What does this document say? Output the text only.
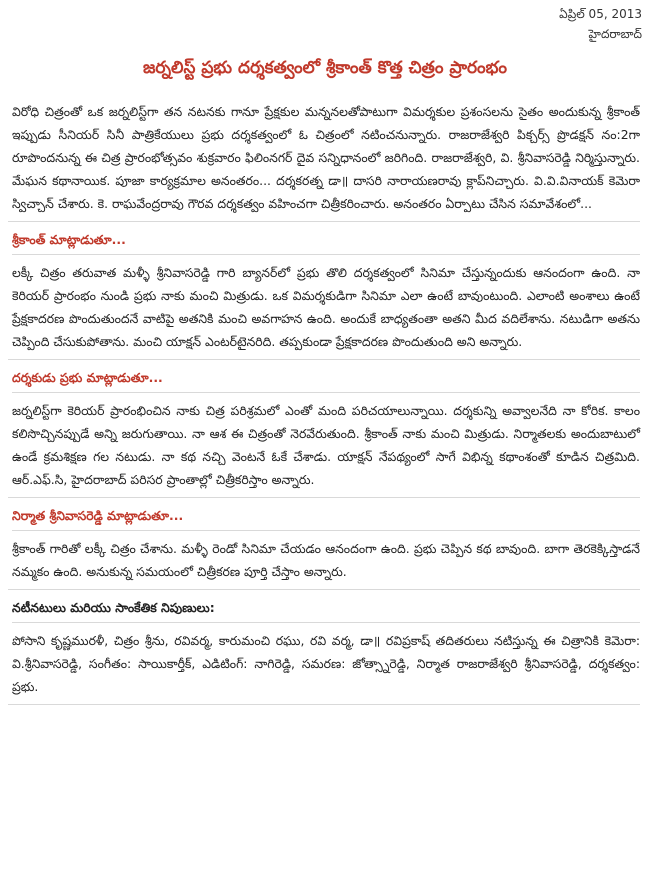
ఏప్రిల్ 05, 2013
హైదరాబాద్
జర్నలిస్ట్ ప్రభు దర్శకత్వంలో శ్రీకాంత్ కొత్త చిత్రం ప్రారంభం

విరోధి చిత్రంతో ఒక జర్నలిస్ట్‌గా తన నటనకు గానూ ప్రేక్షకుల మన్ననలతోపాటుగా విమర్శకుల ప్రశంసలను సైతం అందుకున్న శ్రీకాంత్ ఇప్పుడు సీనియర్ సినీ పాత్రికేయులు ప్రభు దర్శకత్వంలో ఓ చిత్రంలో నటించనున్నారు. రాజరాజేశ్వరి పిక్చర్స్ ప్రొడక్షన్ నం:2గా రూపొందనున్న ఈ చిత్ర ప్రారంభోత్సవం శుక్రవారం ఫిలింనగర్ దైవ సన్నిధానంలో జరిగింది. రాజరాజేశ్వరి, వి. శ్రీనివాసరెడ్డి నిర్మిస్తున్నారు. మేఘన కథానాయిక. పూజా కార్యక్రమాల అనంతరం... దర్శకరత్న డా॥ దాసరి నారాయణరావు క్లాప్‌నిచ్చారు. వి.వి.వినాయక్ కెమెరా స్విచ్చాన్ చేశారు. కె. రాఘవేంద్రరావు గౌరవ దర్శకత్వం వహించగా చిత్రీకరించారు. అనంతరం ఏర్పాటు చేసిన సమావేశంలో...

శ్రీకాంత్ మాట్లాడుతూ...

లక్కీ చిత్రం తరువాత మళ్ళీ శ్రీనివాసరెడ్డి గారి బ్యానర్‌లో ప్రభు తొలి దర్శకత్వంలో సినిమా చేస్తున్నందుకు ఆనందంగా ఉంది. నా కెరియర్ ప్రారంభం నుండి ప్రభు నాకు మంచి మిత్రుడు. ఒక విమర్శకుడిగా సినిమా ఎలా ఉంటే బావుంటుంది. ఎలాంటి అంశాలు ఉంటే ప్రేక్షకాదరణ పొందుతుందనే వాటిపై అతనికి మంచి అవగాహన ఉంది. అందుకే బాధ్యతంతా అతని మీద వదిలేశాను. నటుడిగా అతను చెప్పింది చేసుకుపోతాను. మంచి యాక్షన్ ఎంటర్‌టైనరిది. తప్పకుండా ప్రేక్షకాదరణ పొందుతుంది అని అన్నారు.

దర్శకుడు ప్రభు మాట్లాడుతూ...

జర్నలిస్ట్‌గా కెరియర్ ప్రారంభించిన నాకు చిత్ర పరిశ్రమలో ఎంతో మంది పరిచయాలున్నాయి. దర్శకున్ని అవ్వాలనేది నా కోరిక. కాలం కలిసొచ్చినప్పుడే అన్ని జరుగుతాయి. నా ఆశ ఈ చిత్రంతో నెరవేరుతుంది. శ్రీకాంత్ నాకు మంచి మిత్రుడు. నిర్మాతలకు అందుబాటులో ఉండే క్రమశిక్షణ గల నటుడు. నా కథ నచ్చి వెంటనే ఓకే చేశాడు. యాక్షన్ నేపథ్యంలో సాగే విభిన్న కథాంశంతో కూడిన చిత్రమిది. ఆర్.ఎఫ్.సి, హైదరాబాద్ పరిసర ప్రాంతాల్లో చిత్రీకరిస్తాం అన్నారు.

నిర్మాత శ్రీనివాసరెడ్డి మాట్లాడుతూ...

శ్రీకాంత్ గారితో లక్కీ చిత్రం చేశాను. మళ్ళీ రెండో సినిమా చేయడం ఆనందంగా ఉంది. ప్రభు చెప్పిన కథ బావుంది. బాగా తెరకెక్కిస్తాడనే నమ్మకం ఉంది. అనుకున్న సమయంలో చిత్రీకరణ పూర్తి చేస్తాం అన్నారు.

నటీనటులు మరియు సాంకేతిక నిపుణులు:

పోసాని కృష్ణమురళీ, చిత్రం శ్రీను, రవివర్మ, కారుమంచి రఘు, రవి వర్మ, డా॥ రవిప్రకాష్ తదితరులు నటిస్తున్న ఈ చిత్రానికి కెమెరా: వి.శ్రీనివాసరెడ్డి, సంగీతం: సాయికార్తీక్, ఎడిటింగ్: నాగిరెడ్డి, సమరణ: జోత్స్నారెడ్డి, నిర్మాత రాజరాజేశ్వరి శ్రీనివాసరెడ్డి, దర్శకత్వం: ప్రభు.
